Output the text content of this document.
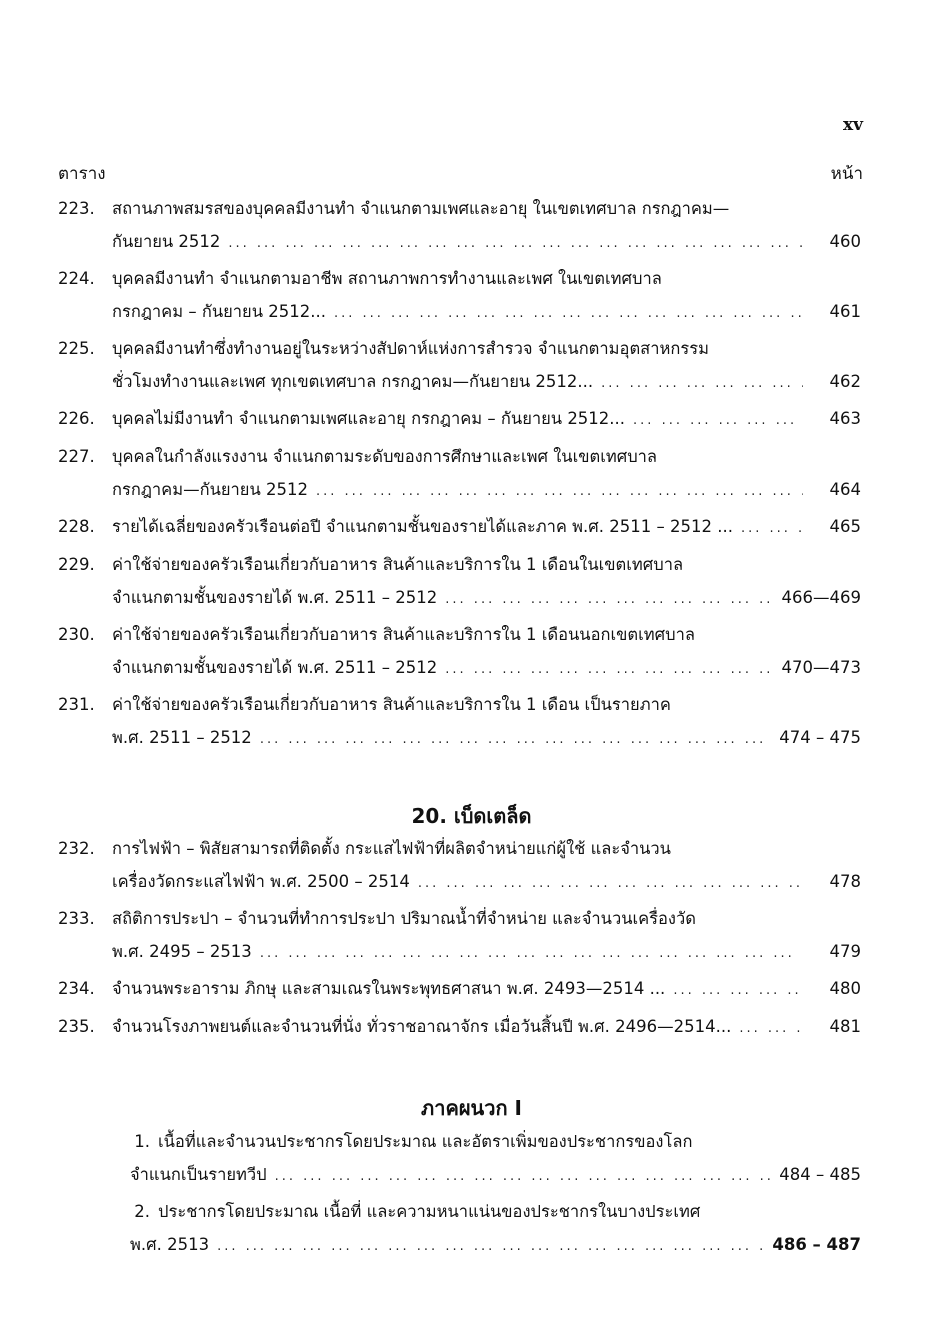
xv
ตาราง	หน้า
223.	สถานภาพสมรสของบุคคลมีงานทำ จำแนกตามเพศและอายุ ในเขตเทศบาล กรกฎาคม—
กันยายน 2512 ... .	460
224.	บุคคลมีงานทำ จำแนกตามอาชีพ สถานภาพการทำงานและเพศ ในเขตเทศบาล
กรกฎาคม – กันยายน 2512... ... .	461
225.	บุคคลมีงานทำซึ่งทำงานอยู่ในระหว่างสัปดาห์แห่งการสำรวจ จำแนกตามอุตสาหกรรม
ชั่วโมงทำงานและเพศ ทุกเขตเทศบาล กรกฎาคม—กันยายน 2512... ... .	462
226.	บุคคลไม่มีงานทำ จำแนกตามเพศและอายุ กรกฎาคม – กันยายน 2512... ... .	463
227.	บุคคลในกำลังแรงงาน จำแนกตามระดับของการศึกษาและเพศ ในเขตเทศบาล
กรกฎาคม—กันยายน 2512 ... .	464
228.	รายได้เฉลี่ยของครัวเรือนต่อปี จำแนกตามชั้นของรายได้และภาค พ.ศ. 2511 – 2512 ... ... .	465
229.	ค่าใช้จ่ายของครัวเรือนเกี่ยวกับอาหาร สินค้าและบริการใน 1 เดือนในเขตเทศบาล
จำแนกตามชั้นของรายได้ พ.ศ. 2511 – 2512 ... .	466—469
230.	ค่าใช้จ่ายของครัวเรือนเกี่ยวกับอาหาร สินค้าและบริการใน 1 เดือนนอกเขตเทศบาล
จำแนกตามชั้นของรายได้ พ.ศ. 2511 – 2512 ... .	470—473
231.	ค่าใช้จ่ายของครัวเรือนเกี่ยวกับอาหาร สินค้าและบริการใน 1 เดือน เป็นรายภาค
พ.ศ. 2511 – 2512 ... .	474 – 475
20. เบ็ดเตล็ด
232.	การไฟฟ้า – พิสัยสามารถที่ติดตั้ง กระแสไฟฟ้าที่ผลิตจำหน่ายแก่ผู้ใช้ และจำนวน
เครื่องวัดกระแสไฟฟ้า พ.ศ. 2500 – 2514 ... .	478
233.	สถิติการประปา – จำนวนที่ทำการประปา ปริมาณน้ำที่จำหน่าย และจำนวนเครื่องวัด
พ.ศ. 2495 – 2513 ... .	479
234.	จำนวนพระอาราม ภิกษุ และสามเณรในพระพุทธศาสนา พ.ศ. 2493—2514 ... ... .	480
235.	จำนวนโรงภาพยนต์และจำนวนที่นั่ง ทั่วราชอาณาจักร เมื่อวันสิ้นปี พ.ศ. 2496—2514... ... .	481
ภาคผนวก I
1. เนื้อที่และจำนวนประชากรโดยประมาณ และอัตราเพิ่มของประชากรของโลก
จำแนกเป็นรายทวีป ... .	484 – 485
2. ประชากรโดยประมาณ เนื้อที่ และความหนาแน่นของประชากรในบางประเทศ
พ.ศ. 2513 ... .	486 – 487
